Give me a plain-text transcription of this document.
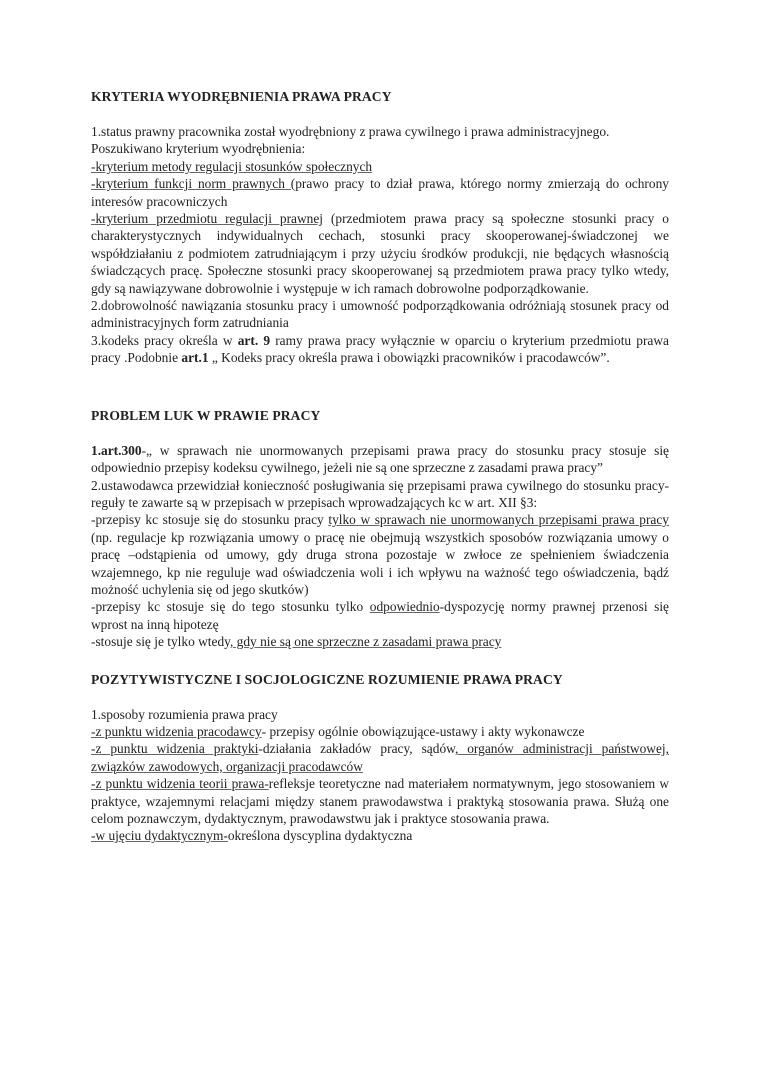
KRYTERIA WYODRĘBNIENIA PRAWA PRACY

1.status prawny pracownika został wyodrębniony z prawa cywilnego i prawa administracyjnego.

Poszukiwano kryterium wyodrębnienia:

-kryterium metody regulacji stosunków społecznych

-kryterium funkcji norm prawnych (prawo pracy to dział prawa, którego normy zmierzają do ochrony interesów pracowniczych

-kryterium przedmiotu regulacji prawnej (przedmiotem prawa pracy są społeczne stosunki pracy o charakterystycznych indywidualnych cechach, stosunki pracy skooperowanej-świadczonej we współdziałaniu z podmiotem zatrudniającym i przy użyciu środków produkcji, nie będących własnością świadczących pracę. Społeczne stosunki pracy skooperowanej są przedmiotem prawa pracy tylko wtedy, gdy są nawiązywane dobrowolnie i występuje w ich ramach dobrowolne podporządkowanie.

2.dobrowolność nawiązania stosunku pracy i umowność podporządkowania odróżniają stosunek pracy od administracyjnych form zatrudniania

3.kodeks pracy określa w art. 9 ramy prawa pracy wyłącznie w oparciu o kryterium przedmiotu prawa pracy .Podobnie art.1 „ Kodeks pracy określa prawa i obowiązki pracowników i pracodawców”.

PROBLEM LUK W PRAWIE PRACY

1.art.300-„ w sprawach nie unormowanych przepisami prawa pracy do stosunku pracy stosuje się odpowiednio przepisy kodeksu cywilnego, jeżeli nie są one sprzeczne z zasadami prawa pracy”

2.ustawodawca przewidział konieczność posługiwania się przepisami prawa cywilnego do stosunku pracy-reguły te zawarte są w przepisach w przepisach wprowadzających kc w art. XII §3:

-przepisy kc stosuje się do stosunku pracy tylko w sprawach nie unormowanych przepisami prawa pracy (np. regulacje kp rozwiązania umowy o pracę nie obejmują wszystkich sposobów rozwiązania umowy o pracę –odstąpienia od umowy, gdy druga strona pozostaje w zwłoce ze spełnieniem świadczenia wzajemnego, kp nie reguluje wad oświadczenia woli i ich wpływu na ważność tego oświadczenia, bądź możność uchylenia się od jego skutków)

-przepisy kc stosuje się do tego stosunku tylko odpowiednio-dyspozycję normy prawnej przenosi się wprost na inną hipotezę

-stosuje się je tylko wtedy, gdy nie są one sprzeczne z zasadami prawa pracy

POZYTYWISTYCZNE I SOCJOLOGICZNE ROZUMIENIE PRAWA PRACY

1.sposoby rozumienia prawa pracy

-z punktu widzenia pracodawcy- przepisy ogólnie obowiązujące-ustawy i akty wykonawcze

-z punktu widzenia praktyki-działania zakładów pracy, sądów, organów administracji państwowej, związków zawodowych, organizacji pracodawców

-z punktu widzenia teorii prawa-refleksje teoretyczne nad materiałem normatywnym, jego stosowaniem w praktyce, wzajemnymi relacjami między stanem prawodawstwa i praktyką stosowania prawa. Służą one celom poznawczym, dydaktycznym, prawodawstwu jak i praktyce stosowania prawa.

-w ujęciu dydaktycznym-określona dyscyplina dydaktyczna
